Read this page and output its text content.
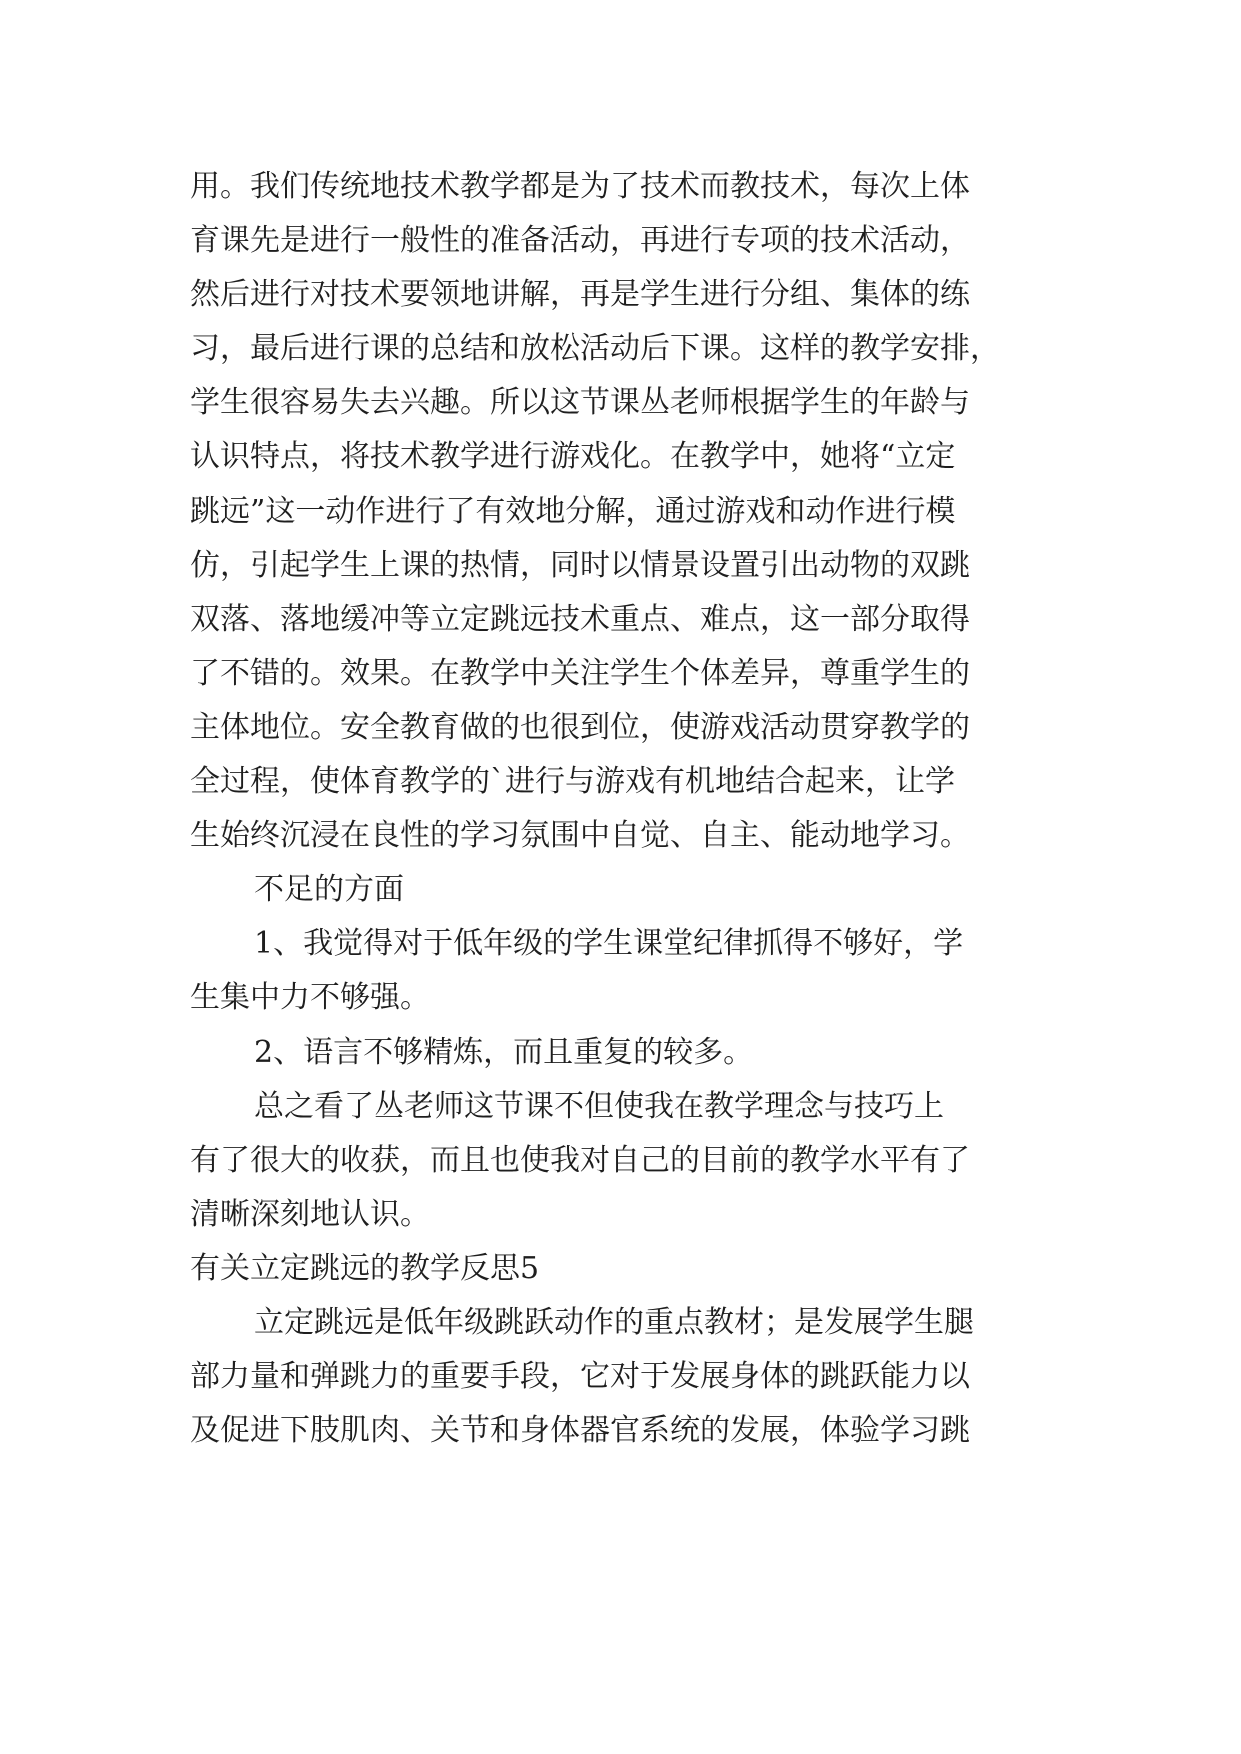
用。我们传统地技术教学都是为了技术而教技术，每次上体
育课先是进行一般性的准备活动，再进行专项的技术活动，
然后进行对技术要领地讲解，再是学生进行分组、集体的练
习，最后进行课的总结和放松活动后下课。这样的教学安排，
学生很容易失去兴趣。所以这节课丛老师根据学生的年龄与
认识特点，将技术教学进行游戏化。在教学中，她将“立定
跳远”这一动作进行了有效地分解，通过游戏和动作进行模
仿，引起学生上课的热情，同时以情景设置引出动物的双跳
双落、落地缓冲等立定跳远技术重点、难点，这一部分取得
了不错的。效果。在教学中关注学生个体差异，尊重学生的
主体地位。安全教育做的也很到位，使游戏活动贯穿教学的
全过程，使体育教学的`进行与游戏有机地结合起来，让学
生始终沉浸在良性的学习氛围中自觉、自主、能动地学习。
不足的方面
1、我觉得对于低年级的学生课堂纪律抓得不够好，学
生集中力不够强。
2、语言不够精炼，而且重复的较多。
总之看了丛老师这节课不但使我在教学理念与技巧上
有了很大的收获，而且也使我对自己的目前的教学水平有了
清晰深刻地认识。
有关立定跳远的教学反思5
立定跳远是低年级跳跃动作的重点教材；是发展学生腿
部力量和弹跳力的重要手段，它对于发展身体的跳跃能力以
及促进下肢肌肉、关节和身体器官系统的发展，体验学习跳
